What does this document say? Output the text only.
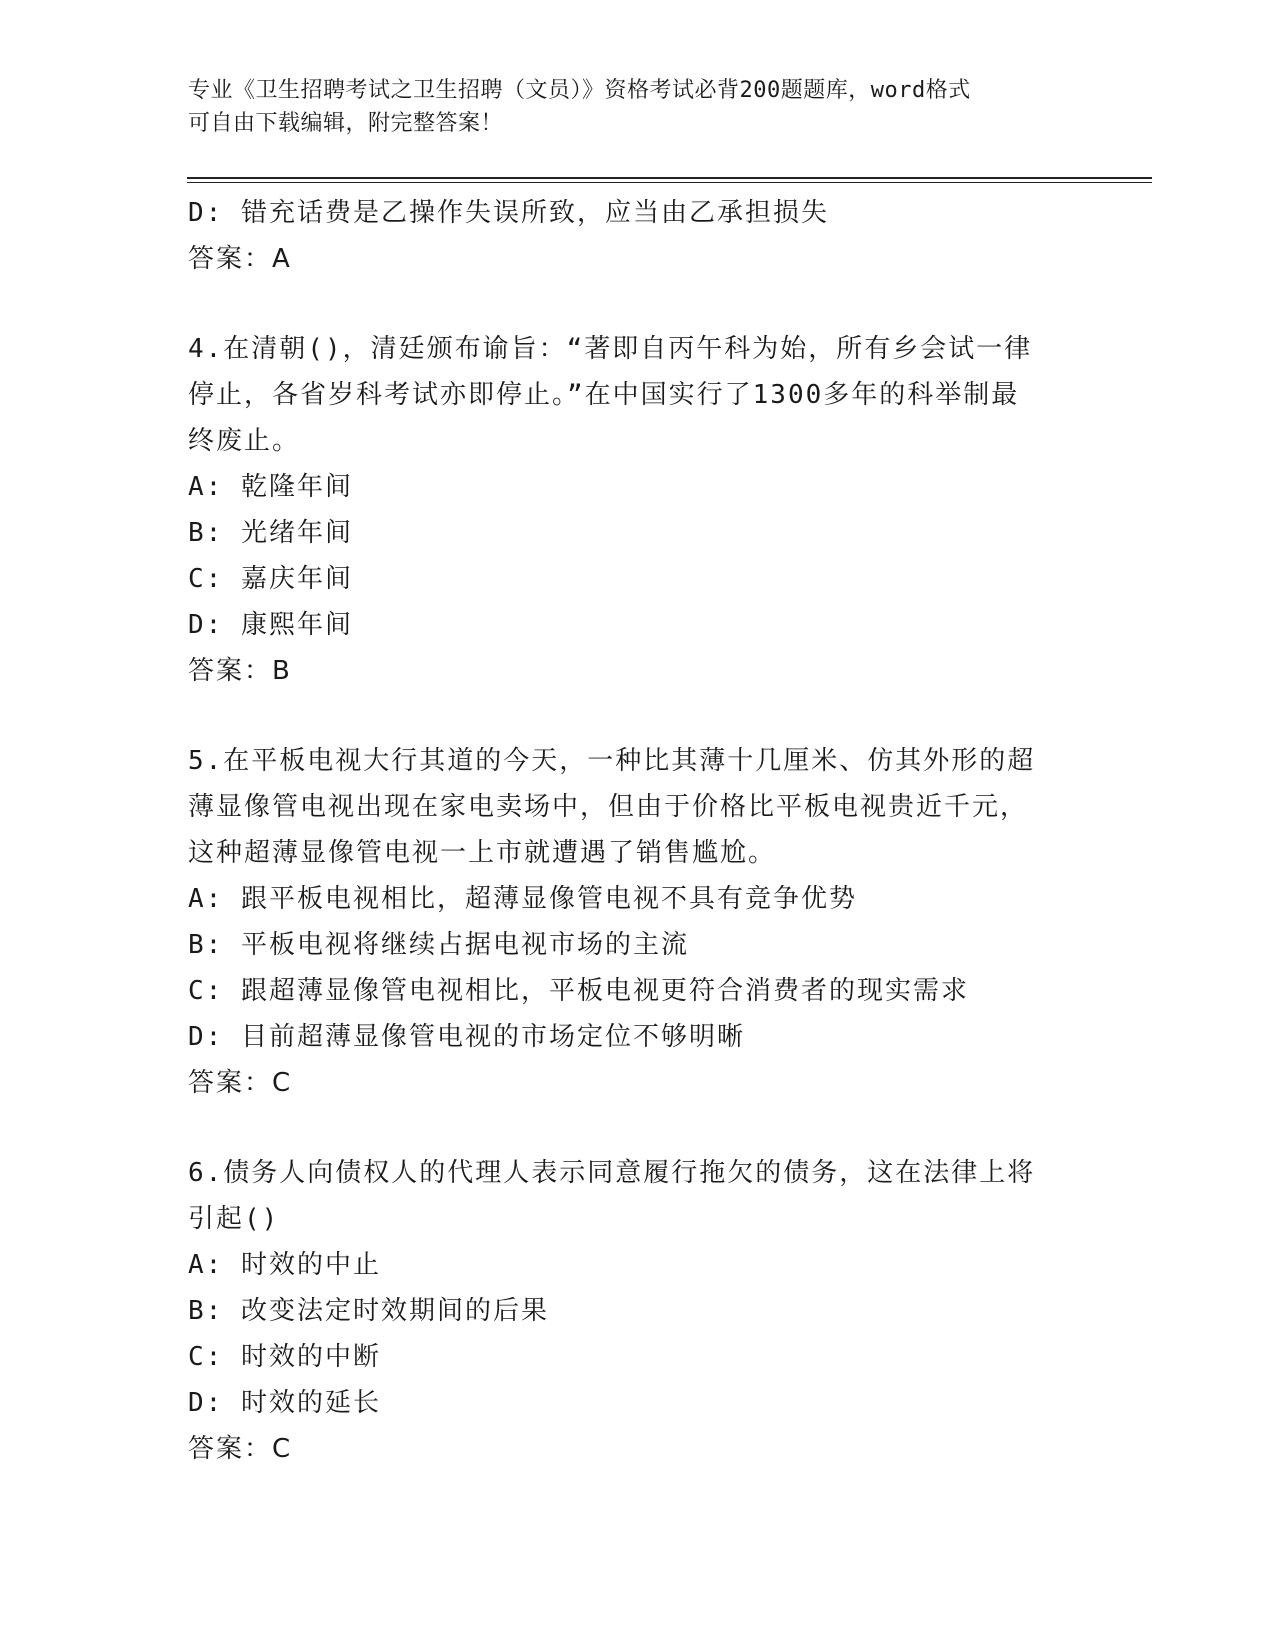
专业《卫生招聘考试之卫生招聘（文员）》资格考试必背200题题库，word格式
可自由下载编辑，附完整答案！
D: 错充话费是乙操作失误所致，应当由乙承担损失
答案：A
4.在清朝()，清廷颁布谕旨：“著即自丙午科为始，所有乡会试一律
停止，各省岁科考试亦即停止。”在中国实行了1300多年的科举制最
终废止。
A: 乾隆年间
B: 光绪年间
C: 嘉庆年间
D: 康熙年间
答案：B
5.在平板电视大行其道的今天，一种比其薄十几厘米、仿其外形的超
薄显像管电视出现在家电卖场中，但由于价格比平板电视贵近千元，
这种超薄显像管电视一上市就遭遇了销售尴尬。
A: 跟平板电视相比，超薄显像管电视不具有竞争优势
B: 平板电视将继续占据电视市场的主流
C: 跟超薄显像管电视相比，平板电视更符合消费者的现实需求
D: 目前超薄显像管电视的市场定位不够明晰
答案：C
6.债务人向债权人的代理人表示同意履行拖欠的债务，这在法律上将
引起()
A: 时效的中止
B: 改变法定时效期间的后果
C: 时效的中断
D: 时效的延长
答案：C
